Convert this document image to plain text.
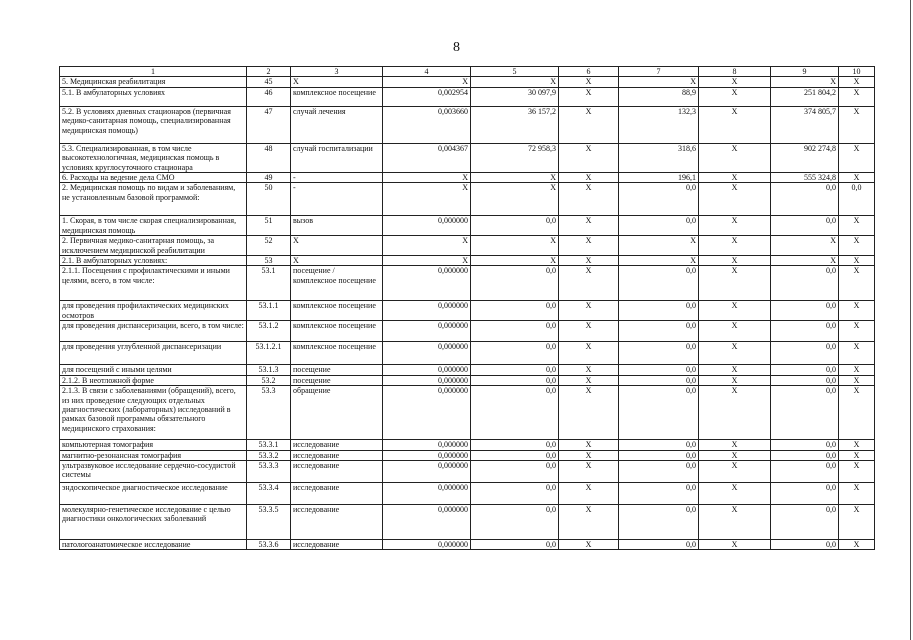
8
1	2	3	4	5	6	7	8	9	10
5. Медицинская реабилитация	45	X	X	X	X	X	X	X	X
5.1. В амбулаторных условиях	46	комплексное посещение	0,002954	30 097,9	X	88,9	X	251 804,2	X
5.2. В условиях дневных стационаров (первичная медико-санитарная помощь, специализированная медицинская помощь)	47	случай лечения	0,003660	36 157,2	X	132,3	X	374 805,7	X
5.3. Специализированная, в том числе высокотехнологичная, медицинская помощь в условиях круглосуточного стационара	48	случай госпитализации	0,004367	72 958,3	X	318,6	X	902 274,8	X
6. Расходы на ведение дела СМО	49	-	X	X	X	196,1	X	555 324,8	X
2. Медицинская помощь по видам и заболеваниям, не установленным базовой программой:	50	-	X	X	X	0,0	X	0,0	0,0
1. Скорая, в том числе скорая специализированная, медицинская помощь	51	вызов	0,000000	0,0	X	0,0	X	0,0	X
2. Первичная медико-санитарная помощь, за исключением медицинской реабилитации	52	X	X	X	X	X	X	X	X
2.1. В амбулаторных условиях:	53	X	X	X	X	X	X	X	X
2.1.1. Посещения с профилактическими и иными целями, всего, в том числе:	53.1	посещение / комплексное посещение	0,000000	0,0	X	0,0	X	0,0	X
для проведения профилактических медицинских осмотров	53.1.1	комплексное посещение	0,000000	0,0	X	0,0	X	0,0	X
для проведения диспансеризации, всего, в том числе:	53.1.2	комплексное посещение	0,000000	0,0	X	0,0	X	0,0	X
для проведения углубленной диспансеризации	53.1.2.1	комплексное посещение	0,000000	0,0	X	0,0	X	0,0	X
для посещений с иными целями	53.1.3	посещение	0,000000	0,0	X	0,0	X	0,0	X
2.1.2. В неотложной форме	53.2	посещение	0,000000	0,0	X	0,0	X	0,0	X
2.1.3. В связи с заболеваниями (обращений), всего, из них проведение следующих отдельных диагностических (лабораторных) исследований в рамках базовой программы обязательного медицинского страхования:	53.3	обращение	0,000000	0,0	X	0,0	X	0,0	X
компьютерная томография	53.3.1	исследование	0,000000	0,0	X	0,0	X	0,0	X
магнитно-резонансная томография	53.3.2	исследование	0,000000	0,0	X	0,0	X	0,0	X
ультразвуковое исследование сердечно-сосудистой системы	53.3.3	исследование	0,000000	0,0	X	0,0	X	0,0	X
эндоскопическое диагностическое исследование	53.3.4	исследование	0,000000	0,0	X	0,0	X	0,0	X
молекулярно-генетическое исследование с целью диагностики онкологических заболеваний	53.3.5	исследование	0,000000	0,0	X	0,0	X	0,0	X
патологоанатомическое исследование	53.3.6	исследование	0,000000	0,0	X	0,0	X	0,0	X
